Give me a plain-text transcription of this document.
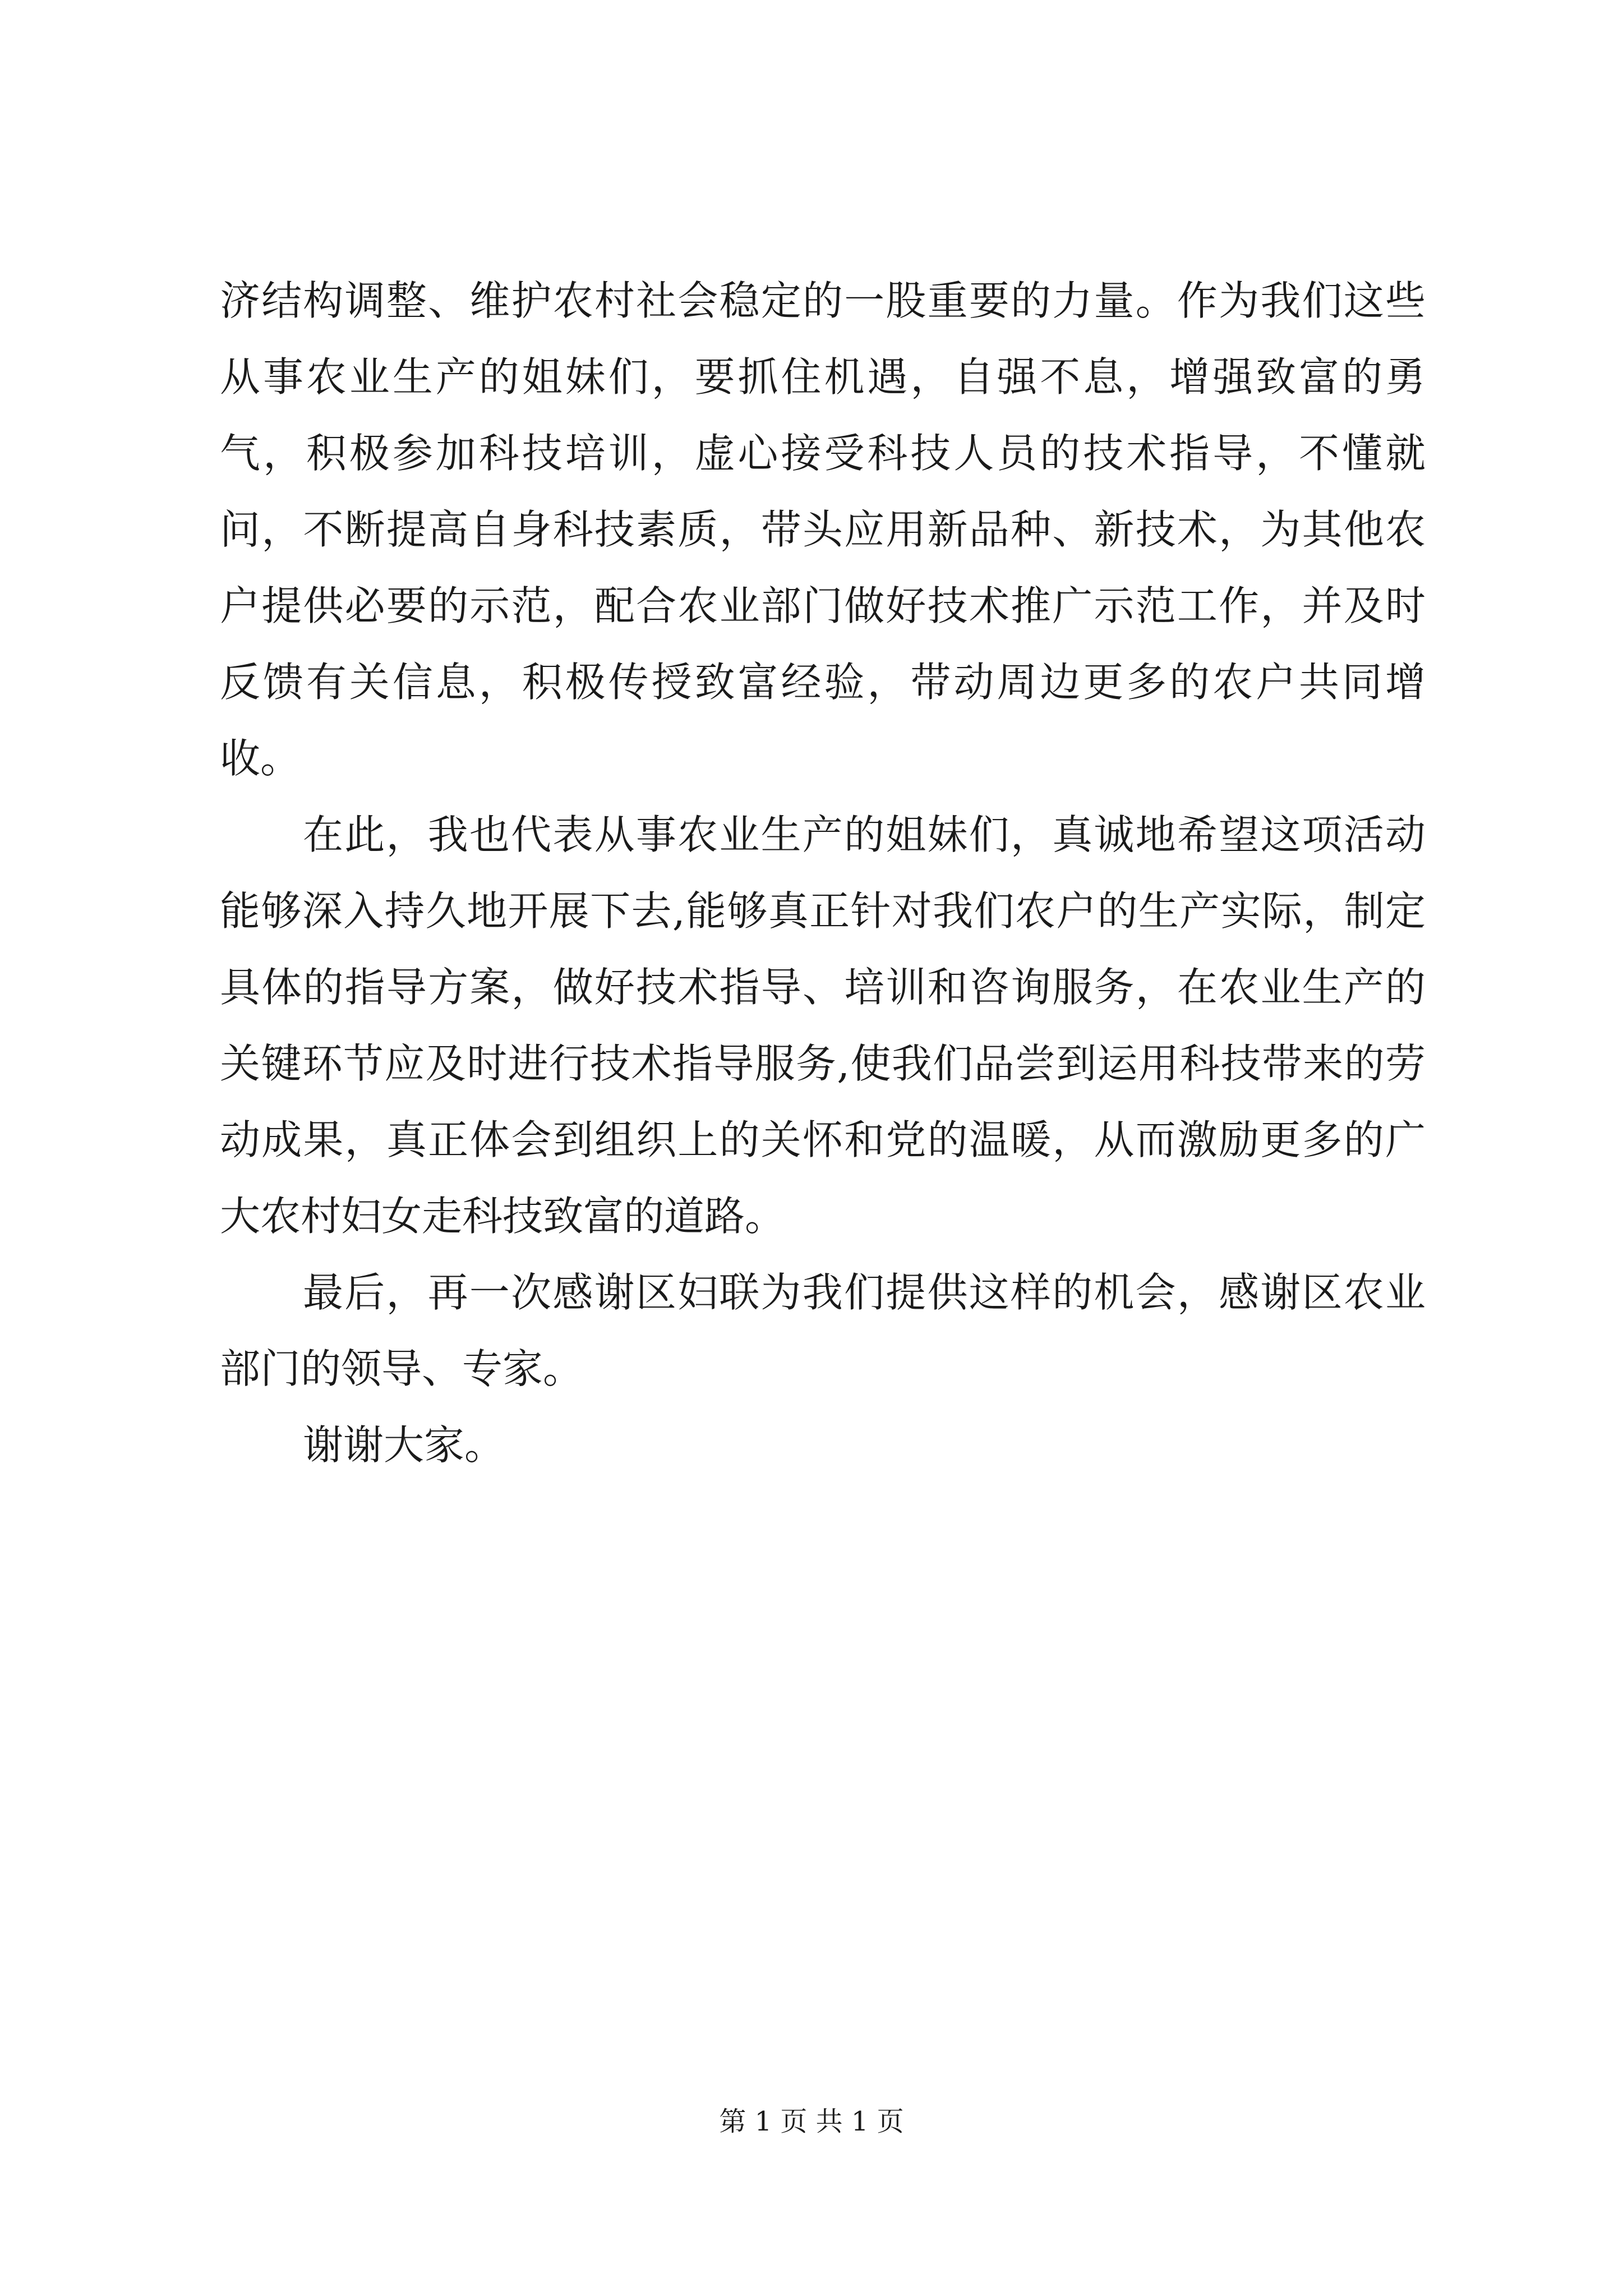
济结构调整、维护农村社会稳定的一股重要的力量。作为我们这些从事农业生产的姐妹们，要抓住机遇，自强不息，增强致富的勇气，积极参加科技培训，虚心接受科技人员的技术指导，不懂就问，不断提高自身科技素质，带头应用新品种、新技术，为其他农户提供必要的示范，配合农业部门做好技术推广示范工作，并及时反馈有关信息，积极传授致富经验，带动周边更多的农户共同增收。

在此，我也代表从事农业生产的姐妹们，真诚地希望这项活动能够深入持久地开展下去,能够真正针对我们农户的生产实际，制定具体的指导方案，做好技术指导、培训和咨询服务，在农业生产的关键环节应及时进行技术指导服务,使我们品尝到运用科技带来的劳动成果，真正体会到组织上的关怀和党的温暖，从而激励更多的广大农村妇女走科技致富的道路。

最后，再一次感谢区妇联为我们提供这样的机会，感谢区农业部门的领导、专家。

谢谢大家。

第 1 页 共 1 页
